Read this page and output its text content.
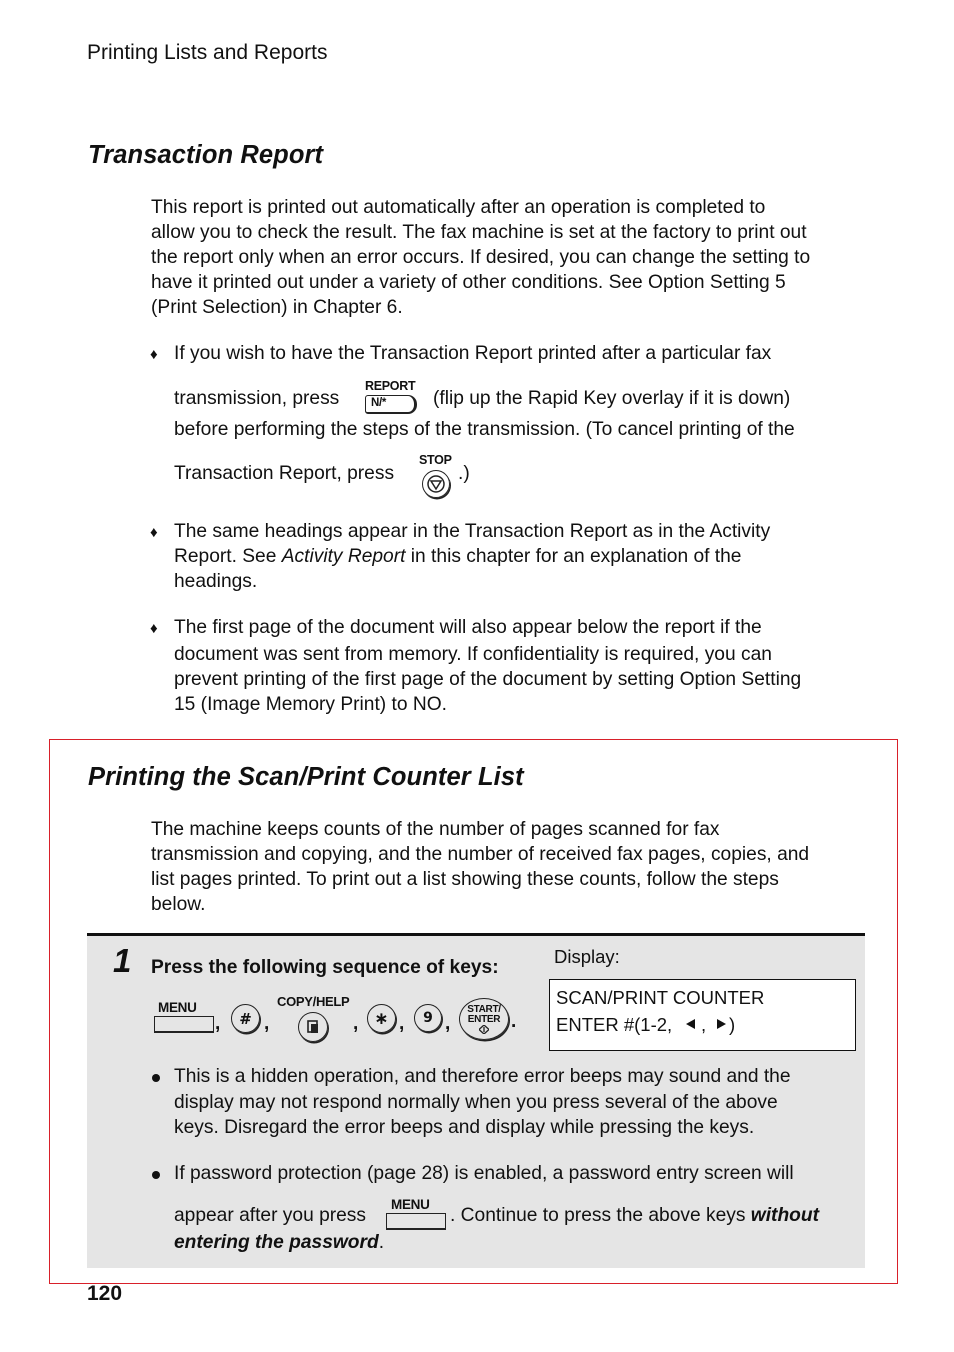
Printing Lists and Reports
Transaction Report
This report is printed out automatically after an operation is completed to
allow you to check the result. The fax machine is set at the factory to print out
the report only when an error occurs. If desired, you can change the setting to
have it printed out under a variety of other conditions. See Option Setting 5
(Print Selection) in Chapter 6.
♦ If you wish to have the Transaction Report printed after a particular fax
transmission, press
REPORT
N/* (flip up the Rapid Key overlay if it is down)
before performing the steps of the transmission. (To cancel printing of the
Transaction Report, press
STOP
.)
♦ The same headings appear in the Transaction Report as in the Activity
Report. See Activity Report in this chapter for an explanation of the
headings.
♦ The first page of the document will also appear below the report if the
document was sent from memory. If confidentiality is required, you can
prevent printing of the first page of the document by setting Option Setting
15 (Image Memory Print) to NO.
Printing the Scan/Print Counter List
The machine keeps counts of the number of pages scanned for fax
transmission and copying, and the number of received fax pages, copies, and
list pages printed. To print out a list showing these counts, follow the steps
below.
1 Press the following sequence of keys:
Display:
SCAN/PRINT COUNTER
ENTER #(1-2, , )
MENU
, # ,
COPY/HELP
, ∗ , 9 ,
START/
ENTER .
This is a hidden operation, and therefore error beeps may sound and the
display may not respond normally when you press several of the above
keys. Disregard the error beeps and display while pressing the keys.
If password protection (page 28) is enabled, a password entry screen will
appear after you press
MENU
. Continue to press the above keys without
entering the password.
120
